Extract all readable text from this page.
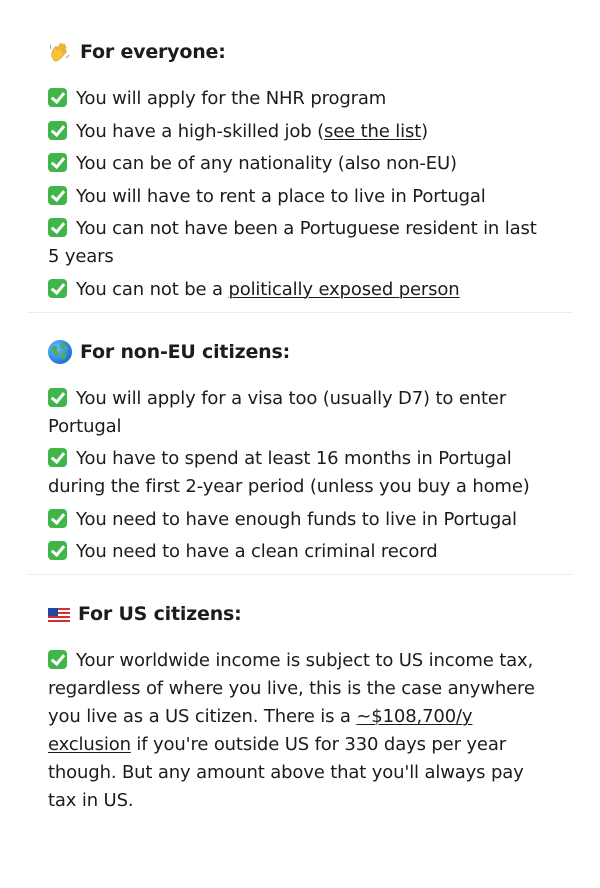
For everyone:
You will apply for the NHR program
You have a high-skilled job (see the list)
You can be of any nationality (also non-EU)
You will have to rent a place to live in Portugal
You can not have been a Portuguese resident in last 5 years
You can not be a politically exposed person
For non-EU citizens:
You will apply for a visa too (usually D7) to enter Portugal
You have to spend at least 16 months in Portugal during the first 2-year period (unless you buy a home)
You need to have enough funds to live in Portugal
You need to have a clean criminal record
For US citizens:
Your worldwide income is subject to US income tax, regardless of where you live, this is the case anywhere you live as a US citizen. There is a ~$108,700/y exclusion if you're outside US for 330 days per year though. But any amount above that you'll always pay tax in US.
